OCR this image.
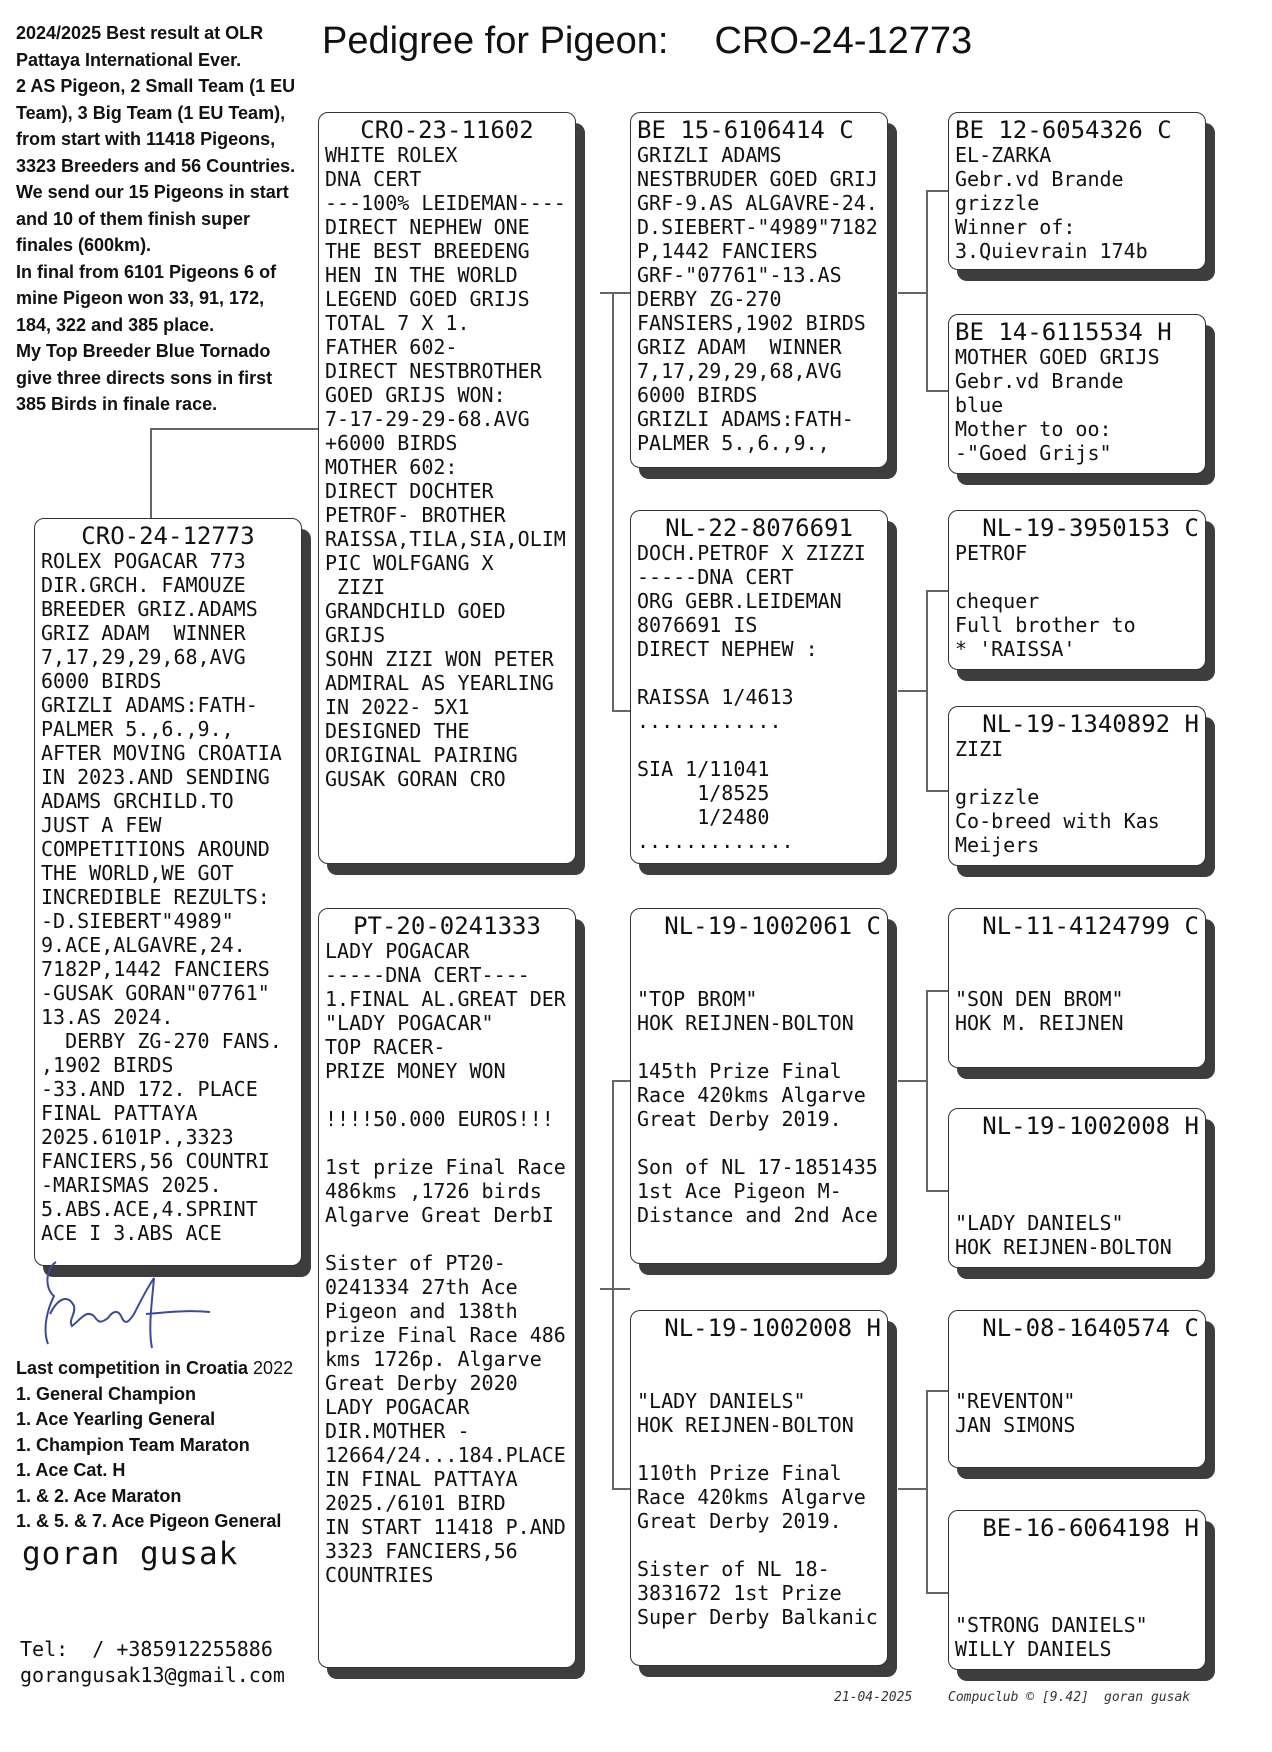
2024/2025 Best result at OLR
Pattaya International Ever.
2 AS Pigeon, 2 Small Team (1 EU
Team), 3 Big Team (1 EU Team),
from start with 11418 Pigeons,
3323 Breeders and 56 Countries.
We send our 15 Pigeons in start
and 10 of them finish super
finales (600km).
In final from 6101 Pigeons 6 of
mine Pigeon won 33, 91, 172,
184, 322 and 385 place.
My Top Breeder Blue Tornado
give three directs sons in first
385 Birds in finale race.
Pedigree for Pigeon: CRO-24-12773
CRO-24-12773
ROLEX POGACAR 773
DIR.GRCH. FAMOUZE
BREEDER GRIZ.ADAMS
GRIZ ADAM  WINNER
7,17,29,29,68,AVG
6000 BIRDS
GRIZLI ADAMS:FATH-
PALMER 5.,6.,9.,
AFTER MOVING CROATIA
IN 2023.AND SENDING
ADAMS GRCHILD.TO
JUST A FEW
COMPETITIONS AROUND
THE WORLD,WE GOT
INCREDIBLE REZULTS:
-D.SIEBERT"4989"
9.ACE,ALGAVRE,24.
7182P,1442 FANCIERS
-GUSAK GORAN"07761"
13.AS 2024.
DERBY ZG-270 FANS.
,1902 BIRDS
-33.AND 172. PLACE
FINAL PATTAYA
2025.6101P.,3323
FANCIERS,56 COUNTRI
-MARISMAS 2025.
5.ABS.ACE,4.SPRINT
ACE I 3.ABS ACE
CRO-23-11602
WHITE ROLEX
DNA CERT
---100% LEIDEMAN----
DIRECT NEPHEW ONE
THE BEST BREEDENG
HEN IN THE WORLD
LEGEND GOED GRIJS
TOTAL 7 X 1.
FATHER 602-
DIRECT NESTBROTHER
GOED GRIJS WON:
7-17-29-29-68.AVG
+6000 BIRDS
MOTHER 602:
DIRECT DOCHTER
PETROF- BROTHER
RAISSA,TILA,SIA,OLIM
PIC WOLFGANG X
ZIZI
GRANDCHILD GOED
GRIJS
SOHN ZIZI WON PETER
ADMIRAL AS YEARLING
IN 2022- 5X1
DESIGNED THE
ORIGINAL PAIRING
GUSAK GORAN CRO
PT-20-0241333
LADY POGACAR
-----DNA CERT----
1.FINAL AL.GREAT DER
"LADY POGACAR"
TOP RACER-
PRIZE MONEY WON
!!!!50.000 EUROS!!!
1st prize Final Race
486kms ,1726 birds
Algarve Great DerbI
Sister of PT20-
0241334 27th Ace
Pigeon and 138th
prize Final Race 486
kms 1726p. Algarve
Great Derby 2020
LADY POGACAR
DIR.MOTHER -
12664/24...184.PLACE
IN FINAL PATTAYA
2025./6101 BIRD
IN START 11418 P.AND
3323 FANCIERS,56
COUNTRIES
BE 15-6106414 C
GRIZLI ADAMS
NESTBRUDER GOED GRIJ
GRF-9.AS ALGAVRE-24.
D.SIEBERT-"4989"7182
P,1442 FANCIERS
GRF-"07761"-13.AS
DERBY ZG-270
FANSIERS,1902 BIRDS
GRIZ ADAM  WINNER
7,17,29,29,68,AVG
6000 BIRDS
GRIZLI ADAMS:FATH-
PALMER 5.,6.,9.,
NL-22-8076691
DOCH.PETROF X ZIZZI
-----DNA CERT
ORG GEBR.LEIDEMAN
8076691 IS
DIRECT NEPHEW :
RAISSA 1/4613
............
SIA 1/11041
1/8525
1/2480
.............
NL-19-1002061 C
"TOP BROM"
HOK REIJNEN-BOLTON
145th Prize Final
Race 420kms Algarve
Great Derby 2019.
Son of NL 17-1851435
1st Ace Pigeon M-
Distance and 2nd Ace
NL-19-1002008 H
"LADY DANIELS"
HOK REIJNEN-BOLTON
110th Prize Final
Race 420kms Algarve
Great Derby 2019.
Sister of NL 18-
3831672 1st Prize
Super Derby Balkanic
BE 12-6054326 C
EL-ZARKA
Gebr.vd Brande
grizzle
Winner of:
3.Quievrain 174b
BE 14-6115534 H
MOTHER GOED GRIJS
Gebr.vd Brande
blue
Mother to oo:
-"Goed Grijs"
NL-19-3950153 C
PETROF
chequer
Full brother to
* 'RAISSA'
NL-19-1340892 H
ZIZI
grizzle
Co-breed with Kas
Meijers
NL-11-4124799 C
"SON DEN BROM"
HOK M. REIJNEN
NL-19-1002008 H
"LADY DANIELS"
HOK REIJNEN-BOLTON
NL-08-1640574 C
"REVENTON"
JAN SIMONS
BE-16-6064198 H
"STRONG DANIELS"
WILLY DANIELS
Last competition in Croatia 2022
1. General Champion
1. Ace Yearling General
1. Champion Team Maraton
1. Ace Cat. H
1. & 2. Ace Maraton
1. & 5. & 7. Ace Pigeon General
goran gusak
Tel:  / +385912255886
gorangusak13@gmail.com
21-04-2025	Compuclub © [9.42] goran gusak
